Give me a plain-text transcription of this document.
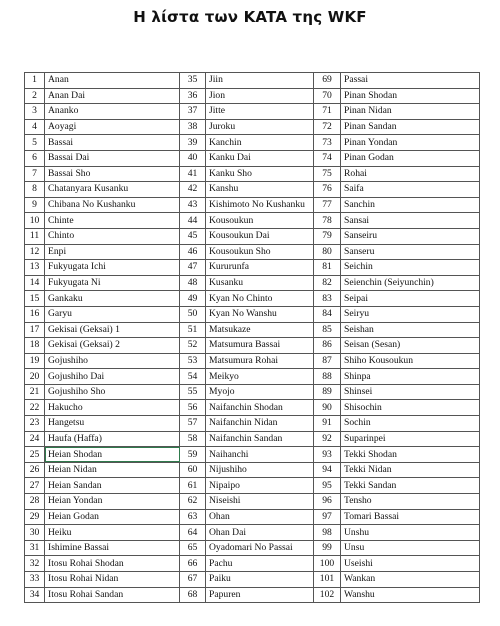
Η λίστα των KATA της WKF
1	Anan	35	Jiin	69	Passai
2	Anan Dai	36	Jion	70	Pinan Shodan
3	Ananko	37	Jitte	71	Pinan Nidan
4	Aoyagi	38	Juroku	72	Pinan Sandan
5	Bassai	39	Kanchin	73	Pinan Yondan
6	Bassai Dai	40	Kanku Dai	74	Pinan Godan
7	Bassai Sho	41	Kanku Sho	75	Rohai
8	Chatanyara Kusanku	42	Kanshu	76	Saifa
9	Chibana No Kushanku	43	Kishimoto No Kushanku	77	Sanchin
10	Chinte	44	Kousoukun	78	Sansai
11	Chinto	45	Kousoukun Dai	79	Sanseiru
12	Enpi	46	Kousoukun Sho	80	Sanseru
13	Fukyugata Ichi	47	Kururunfa	81	Seichin
14	Fukyugata Ni	48	Kusanku	82	Seienchin (Seiyunchin)
15	Gankaku	49	Kyan No Chinto	83	Seipai
16	Garyu	50	Kyan No Wanshu	84	Seiryu
17	Gekisai (Geksai) 1	51	Matsukaze	85	Seishan
18	Gekisai (Geksai) 2	52	Matsumura Bassai	86	Seisan (Sesan)
19	Gojushiho	53	Matsumura Rohai	87	Shiho Kousoukun
20	Gojushiho Dai	54	Meikyo	88	Shinpa
21	Gojushiho Sho	55	Myojo	89	Shinsei
22	Hakucho	56	Naifanchin Shodan	90	Shisochin
23	Hangetsu	57	Naifanchin Nidan	91	Sochin
24	Haufa (Haffa)	58	Naifanchin Sandan	92	Suparinpei
25	Heian Shodan	59	Naihanchi	93	Tekki Shodan
26	Heian Nidan	60	Nijushiho	94	Tekki Nidan
27	Heian Sandan	61	Nipaipo	95	Tekki Sandan
28	Heian Yondan	62	Niseishi	96	Tensho
29	Heian Godan	63	Ohan	97	Tomari Bassai
30	Heiku	64	Ohan Dai	98	Unshu
31	Ishimine Bassai	65	Oyadomari No Passai	99	Unsu
32	Itosu Rohai Shodan	66	Pachu	100	Useishi
33	Itosu Rohai Nidan	67	Paiku	101	Wankan
34	Itosu Rohai Sandan	68	Papuren	102	Wanshu
